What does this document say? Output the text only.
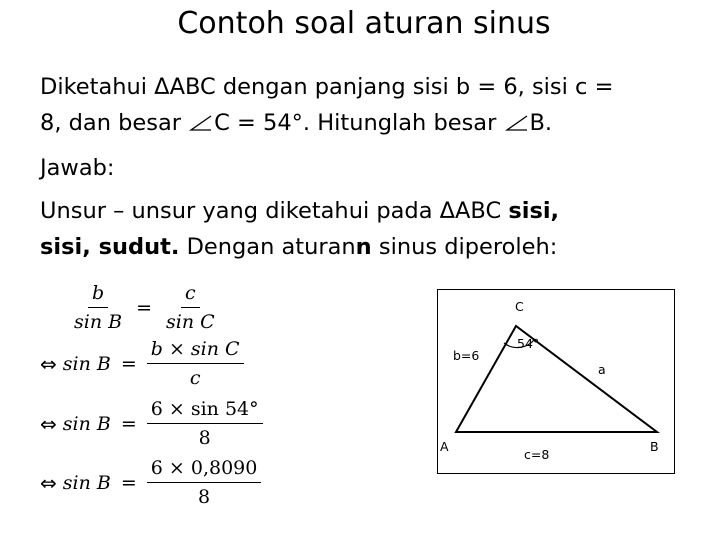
Contoh soal aturan sinus
Diketahui ΔABC dengan panjang sisi b = 6, sisi c =
8, dan besar C = 54°. Hitunglah besar B.
Jawab:
Unsur – unsur yang diketahui pada ΔABC sisi,
sisi, sudut. Dengan aturann sinus diperoleh:
$\frac{b}{\text{sin B}} = \frac{c}{\text{sin C}}$
⇔ $\sin B = \frac{\text{b × sin C}}{c}$
⇔ $\sin B = \frac{6 \times \sin 54^\circ}{8}$
⇔ $\sin B = \frac{6 \times 0,8090}{8}$
C
54°
b=6
a
A	B
c=8
